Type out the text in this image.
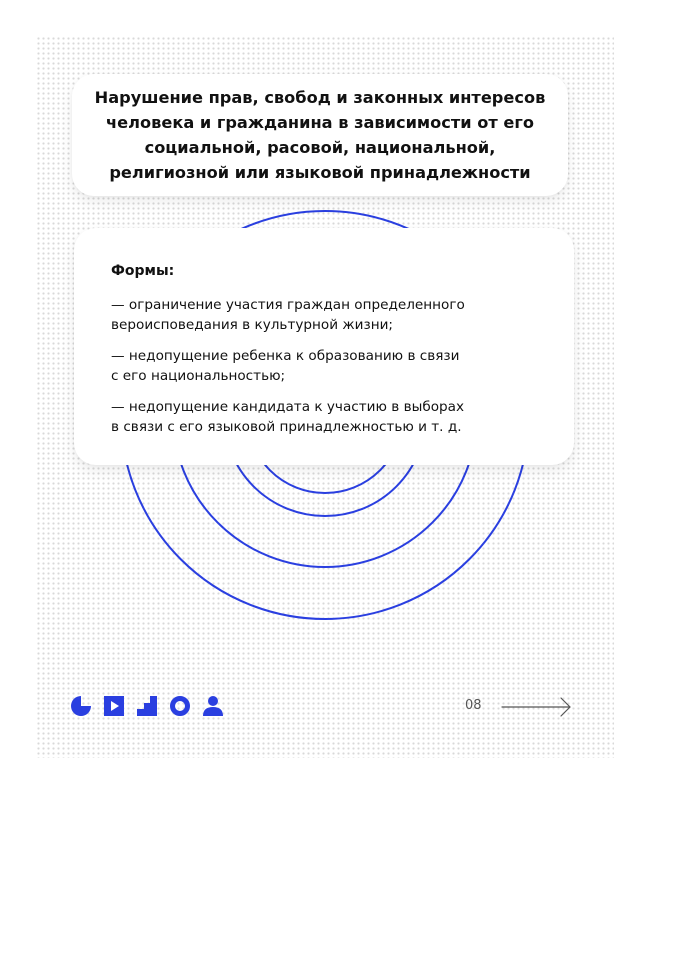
Нарушение прав, свобод и законных интересов
человека и гражданина в зависимости от его
социальной, расовой, национальной,
религиозной или языковой принадлежности

Формы:

— ограничение участия граждан определенного
вероисповедания в культурной жизни;

— недопущение ребенка к образованию в связи
с его национальностью;

— недопущение кандидата к участию в выборах
в связи с его языковой принадлежностью и т. д.

08
